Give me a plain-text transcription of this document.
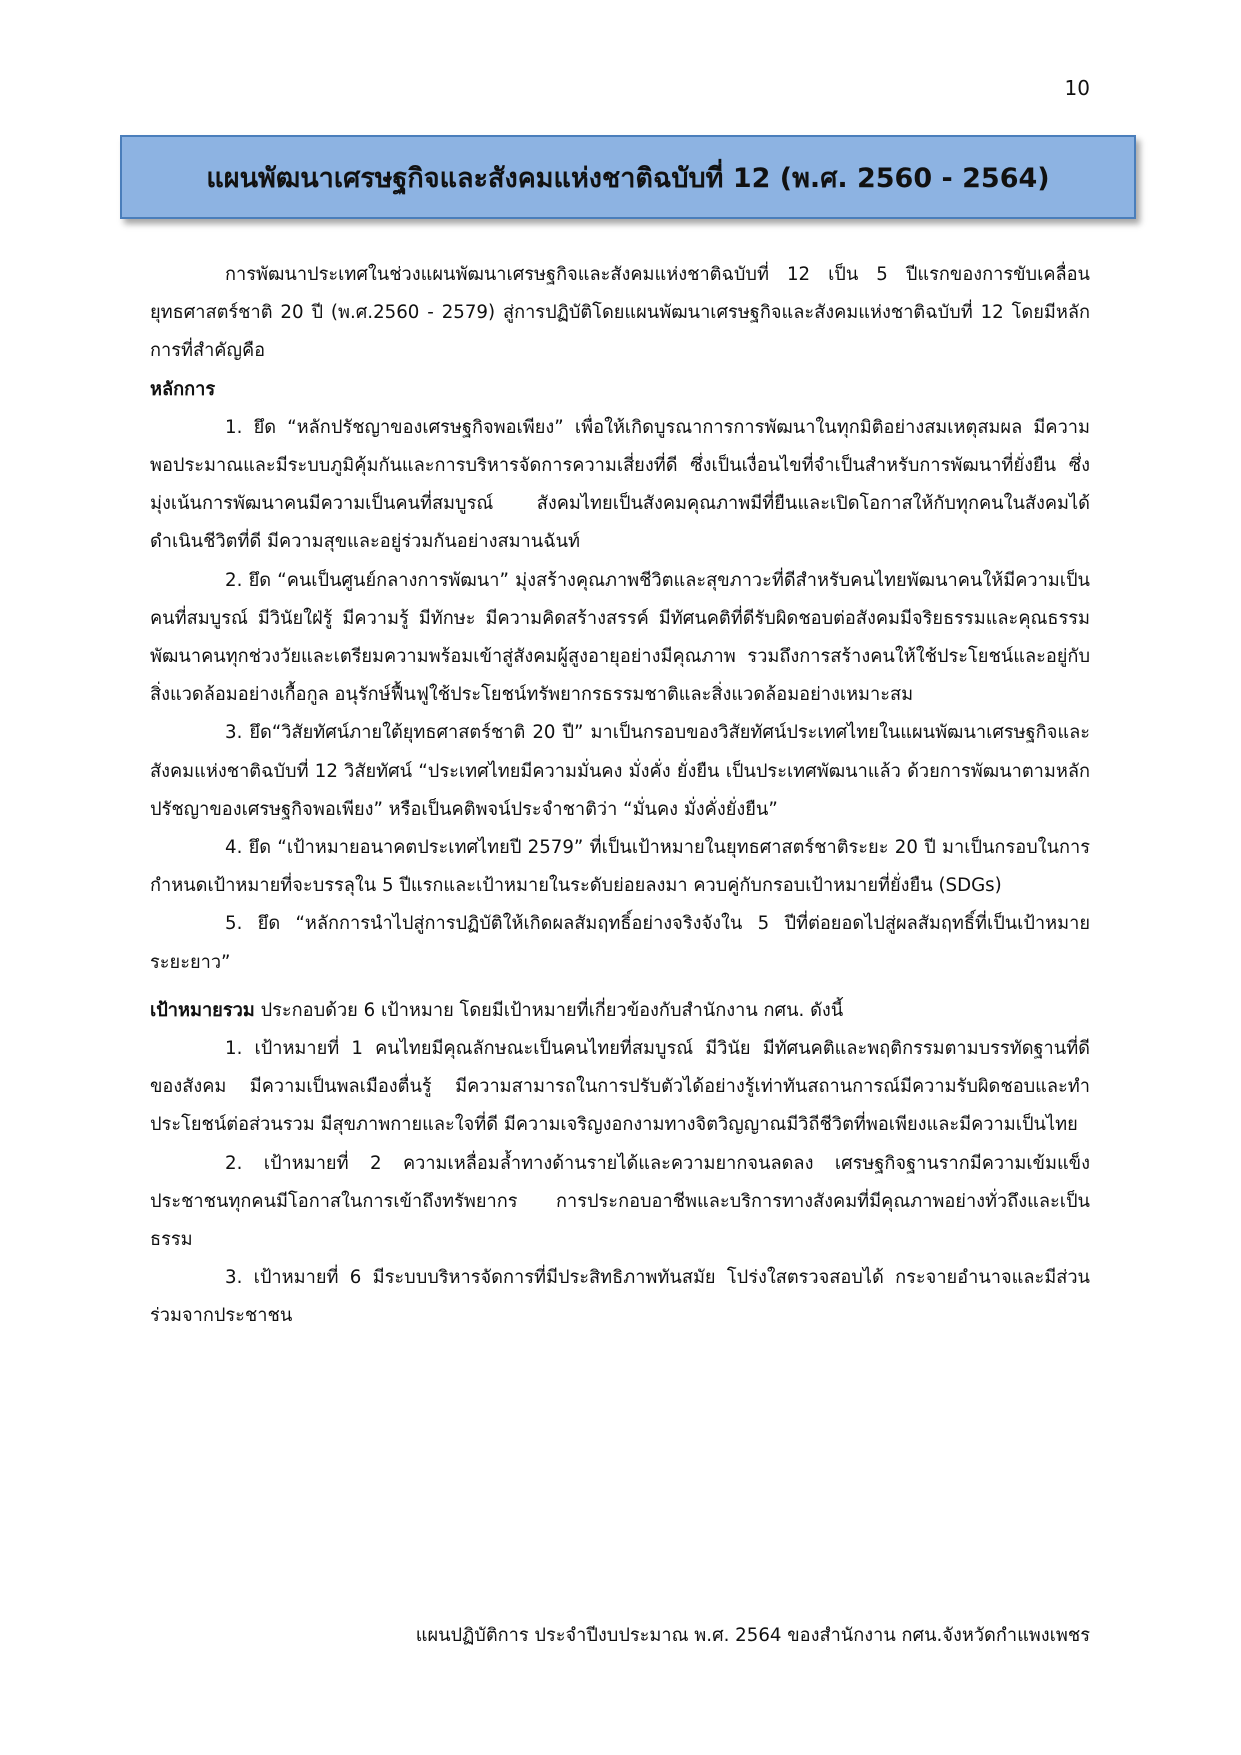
10
แผนพัฒนาเศรษฐกิจและสังคมแห่งชาติฉบับที่ 12 (พ.ศ. 2560 - 2564)

การพัฒนาประเทศในช่วงแผนพัฒนาเศรษฐกิจและสังคมแห่งชาติฉบับที่ 12 เป็น 5 ปีแรกของการขับเคลื่อนยุทธศาสตร์ชาติ 20 ปี (พ.ศ.2560 - 2579) สู่การปฏิบัติโดยแผนพัฒนาเศรษฐกิจและสังคมแห่งชาติฉบับที่ 12 โดยมีหลักการที่สำคัญคือ

หลักการ

1. ยึด “หลักปรัชญาของเศรษฐกิจพอเพียง” เพื่อให้เกิดบูรณาการการพัฒนาในทุกมิติอย่างสมเหตุสมผล มีความพอประมาณและมีระบบภูมิคุ้มกันและการบริหารจัดการความเสี่ยงที่ดี ซึ่งเป็นเงื่อนไขที่จำเป็นสำหรับการพัฒนาที่ยั่งยืน ซึ่งมุ่งเน้นการพัฒนาคนมีความเป็นคนที่สมบูรณ์ สังคมไทยเป็นสังคมคุณภาพมีที่ยืนและเปิดโอกาสให้กับทุกคนในสังคมได้ดำเนินชีวิตที่ดี มีความสุขและอยู่ร่วมกันอย่างสมานฉันท์

2. ยึด “คนเป็นศูนย์กลางการพัฒนา” มุ่งสร้างคุณภาพชีวิตและสุขภาวะที่ดีสำหรับคนไทยพัฒนาคนให้มีความเป็นคนที่สมบูรณ์ มีวินัยใฝ่รู้ มีความรู้ มีทักษะ มีความคิดสร้างสรรค์ มีทัศนคติที่ดีรับผิดชอบต่อสังคมมีจริยธรรมและคุณธรรม พัฒนาคนทุกช่วงวัยและเตรียมความพร้อมเข้าสู่สังคมผู้สูงอายุอย่างมีคุณภาพ รวมถึงการสร้างคนให้ใช้ประโยชน์และอยู่กับสิ่งแวดล้อมอย่างเกื้อกูล อนุรักษ์ฟื้นฟูใช้ประโยชน์ทรัพยากรธรรมชาติและสิ่งแวดล้อมอย่างเหมาะสม

3. ยึด“วิสัยทัศน์ภายใต้ยุทธศาสตร์ชาติ 20 ปี” มาเป็นกรอบของวิสัยทัศน์ประเทศไทยในแผนพัฒนาเศรษฐกิจและสังคมแห่งชาติฉบับที่ 12 วิสัยทัศน์ “ประเทศไทยมีความมั่นคง มั่งคั่ง ยั่งยืน เป็นประเทศพัฒนาแล้ว ด้วยการพัฒนาตามหลักปรัชญาของเศรษฐกิจพอเพียง” หรือเป็นคติพจน์ประจำชาติว่า “มั่นคง มั่งคั่งยั่งยืน”

4. ยึด “เป้าหมายอนาคตประเทศไทยปี 2579” ที่เป็นเป้าหมายในยุทธศาสตร์ชาติระยะ 20 ปี มาเป็นกรอบในการกำหนดเป้าหมายที่จะบรรลุใน 5 ปีแรกและเป้าหมายในระดับย่อยลงมา ควบคู่กับกรอบเป้าหมายที่ยั่งยืน (SDGs)

5. ยึด “หลักการนำไปสู่การปฏิบัติให้เกิดผลสัมฤทธิ์อย่างจริงจังใน 5 ปีที่ต่อยอดไปสู่ผลสัมฤทธิ์ที่เป็นเป้าหมายระยะยาว”

เป้าหมายรวม ประกอบด้วย 6 เป้าหมาย โดยมีเป้าหมายที่เกี่ยวข้องกับสำนักงาน กศน. ดังนี้

1. เป้าหมายที่ 1 คนไทยมีคุณลักษณะเป็นคนไทยที่สมบูรณ์ มีวินัย มีทัศนคติและพฤติกรรมตามบรรทัดฐานที่ดีของสังคม มีความเป็นพลเมืองตื่นรู้ มีความสามารถในการปรับตัวได้อย่างรู้เท่าทันสถานการณ์มีความรับผิดชอบและทำประโยชน์ต่อส่วนรวม มีสุขภาพกายและใจที่ดี มีความเจริญงอกงามทางจิตวิญญาณมีวิถีชีวิตที่พอเพียงและมีความเป็นไทย

2. เป้าหมายที่ 2 ความเหลื่อมล้ำทางด้านรายได้และความยากจนลดลง เศรษฐกิจฐานรากมีความเข้มแข็ง ประชาชนทุกคนมีโอกาสในการเข้าถึงทรัพยากร การประกอบอาชีพและบริการทางสังคมที่มีคุณภาพอย่างทั่วถึงและเป็นธรรม

3. เป้าหมายที่ 6 มีระบบบริหารจัดการที่มีประสิทธิภาพทันสมัย โปร่งใสตรวจสอบได้ กระจายอำนาจและมีส่วนร่วมจากประชาชน

แผนปฏิบัติการ ประจำปีงบประมาณ พ.ศ. 2564 ของสำนักงาน กศน.จังหวัดกำแพงเพชร
